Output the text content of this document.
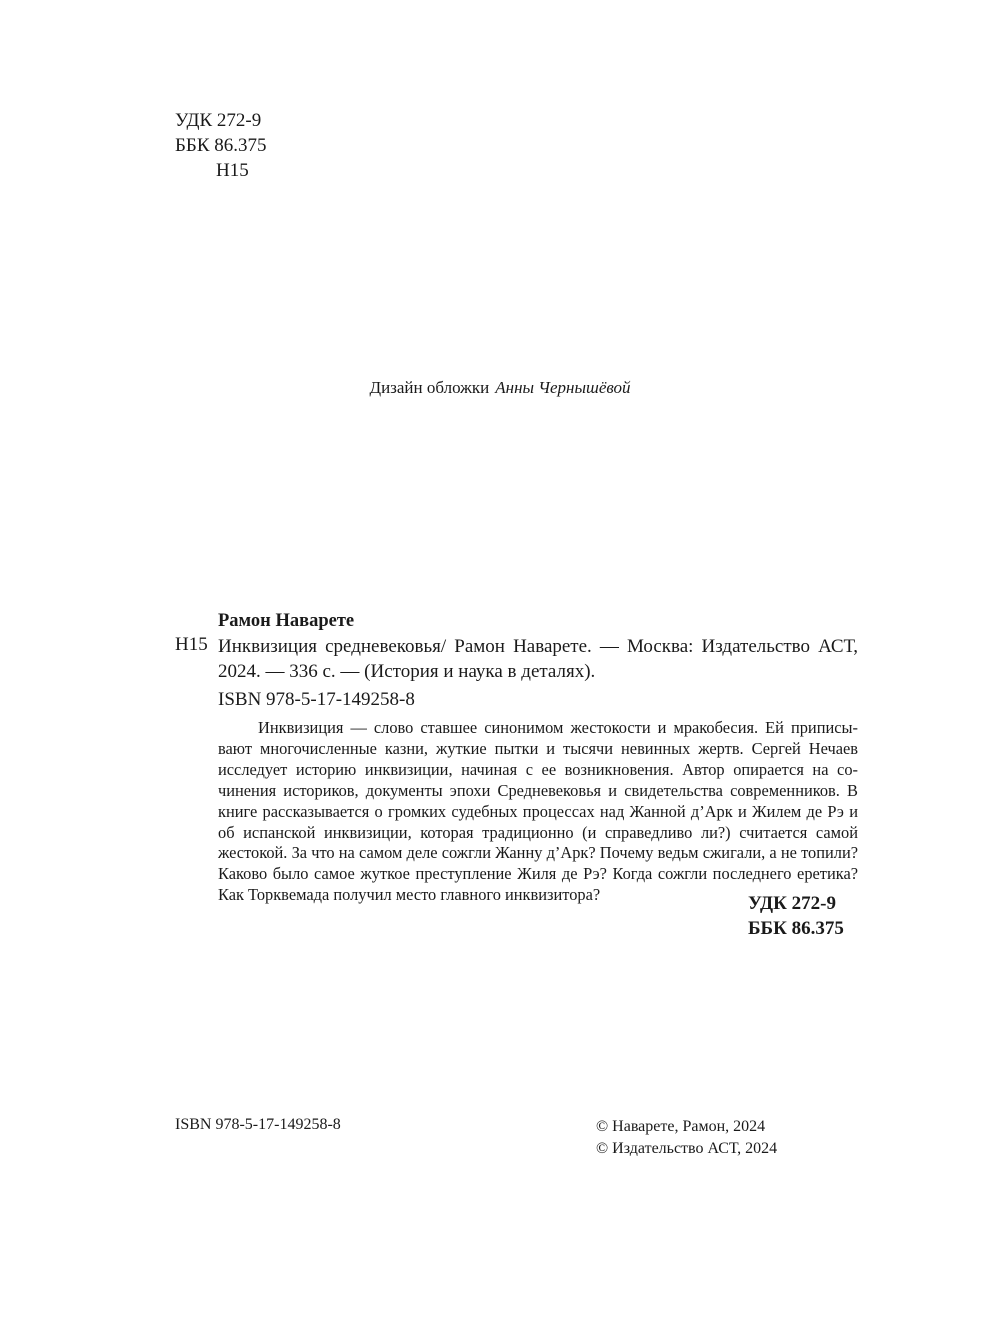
УДК 272-9
ББК 86.375
Н15
Дизайн обложки Анны Чернышёвой
Рамон Наварете
Н15 Инквизиция средневековья/ Рамон Наварете. — Москва: Издательство АСТ, 2024. — 336 с. — (История и наука в деталях).
ISBN 978-5-17-149258-8
Инквизиция — слово ставшее синонимом жестокости и мракобесия. Ей приписывают многочисленные казни, жуткие пытки и тысячи невинных жертв. Сергей Нечаев исследует историю инквизиции, начиная с ее возникновения. Автор опирается на сочинения историков, документы эпохи Средневековья и свидетельства современников. В книге рассказывается о громких судебных процессах над Жанной д’Арк и Жилем де Рэ и об испанской инквизиции, которая традиционно (и справедливо ли?) считается самой жестокой. За что на самом деле сожгли Жанну д’Арк? Почему ведьм сжигали, а не топили? Каково было самое жуткое преступление Жиля де Рэ? Когда сожгли последнего еретика? Как Торквемада получил место главного инквизитора?	УДК 272-9
ББК 86.375
ISBN 978-5-17-149258-8	© Наварете, Рамон, 2024
© Издательство АСТ, 2024
